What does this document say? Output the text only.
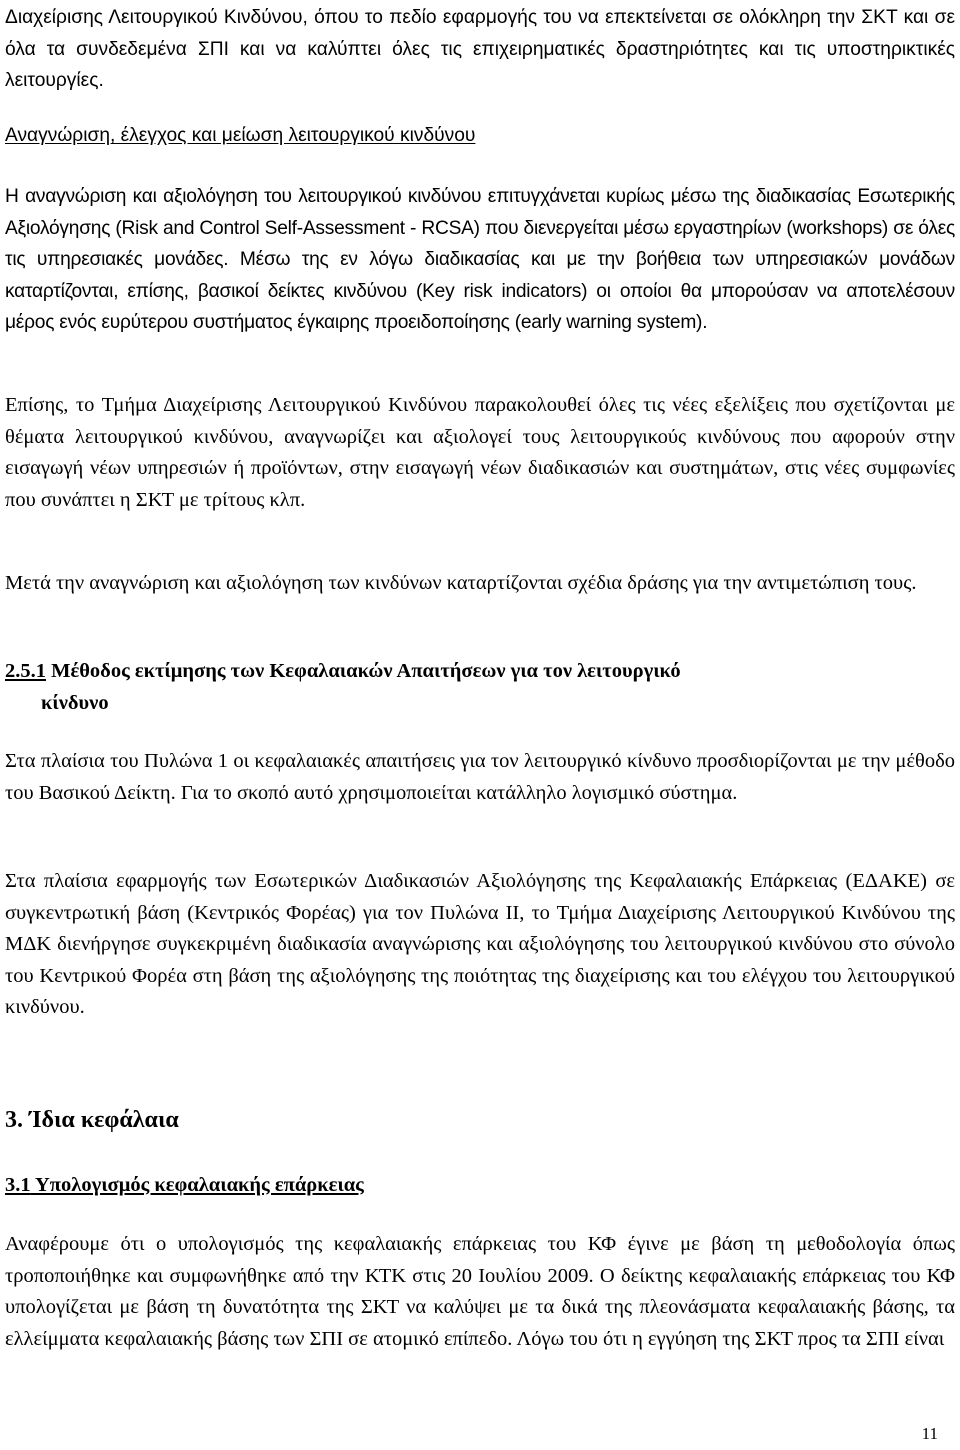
Διαχείρισης Λειτουργικού Κινδύνου, όπου το πεδίο εφαρμογής του να επεκτείνεται σε ολόκληρη την ΣΚΤ και σε όλα τα συνδεδεμένα ΣΠΙ και να καλύπτει όλες τις επιχειρηματικές δραστηριότητες και τις υποστηρικτικές λειτουργίες.

Αναγνώριση, έλεγχος και μείωση λειτουργικού κινδύνου

Η αναγνώριση και αξιολόγηση του λειτουργικού κινδύνου επιτυγχάνεται κυρίως μέσω της διαδικασίας Εσωτερικής Αξιολόγησης (Risk and Control Self-Assessment - RCSA) που διενεργείται μέσω εργαστηρίων (workshops) σε όλες τις υπηρεσιακές μονάδες. Μέσω της εν λόγω διαδικασίας και με την βοήθεια των υπηρεσιακών μονάδων καταρτίζονται, επίσης, βασικοί δείκτες κινδύνου (Key risk indicators) οι οποίοι θα μπορούσαν να αποτελέσουν μέρος ενός ευρύτερου συστήματος έγκαιρης προειδοποίησης (early warning system).

Επίσης, το Τμήμα Διαχείρισης Λειτουργικού Κινδύνου παρακολουθεί όλες τις νέες εξελίξεις που σχετίζονται με θέματα λειτουργικού κινδύνου, αναγνωρίζει και αξιολογεί τους λειτουργικούς κινδύνους που αφορούν στην εισαγωγή νέων υπηρεσιών ή προϊόντων, στην εισαγωγή νέων διαδικασιών και συστημάτων, στις νέες συμφωνίες που συνάπτει η ΣΚΤ με τρίτους κλπ.

Μετά την αναγνώριση και αξιολόγηση των κινδύνων καταρτίζονται σχέδια δράσης για την αντιμετώπιση τους.

2.5.1 Μέθοδος εκτίμησης των Κεφαλαιακών Απαιτήσεων για τον λειτουργικό
κίνδυνο

Στα πλαίσια του Πυλώνα 1 οι κεφαλαιακές απαιτήσεις για τον λειτουργικό κίνδυνο προσδιορίζονται με την μέθοδο του Βασικού Δείκτη. Για το σκοπό αυτό χρησιμοποιείται κατάλληλο λογισμικό σύστημα.

Στα πλαίσια εφαρμογής των Εσωτερικών Διαδικασιών Αξιολόγησης της Κεφαλαιακής Επάρκειας (ΕΔΑΚΕ) σε συγκεντρωτική βάση (Κεντρικός Φορέας) για τον Πυλώνα ΙΙ, το Τμήμα Διαχείρισης Λειτουργικού Κινδύνου της ΜΔΚ διενήργησε συγκεκριμένη διαδικασία αναγνώρισης και αξιολόγησης του λειτουργικού κινδύνου στο σύνολο του Κεντρικού Φορέα στη βάση της αξιολόγησης της ποιότητας της διαχείρισης και του ελέγχου του λειτουργικού κινδύνου.

3. Ίδια κεφάλαια
3.1 Υπολογισμός κεφαλαιακής επάρκειας

Αναφέρουμε ότι ο υπολογισμός της κεφαλαιακής επάρκειας του ΚΦ έγινε με βάση τη μεθοδολογία όπως τροποποιήθηκε και συμφωνήθηκε από την ΚΤΚ στις 20 Ιουλίου 2009. Ο δείκτης κεφαλαιακής επάρκειας του ΚΦ υπολογίζεται με βάση τη δυνατότητα της ΣΚΤ να καλύψει με τα δικά της πλεονάσματα κεφαλαιακής βάσης, τα ελλείμματα κεφαλαιακής βάσης των ΣΠΙ σε ατομικό επίπεδο. Λόγω του ότι η εγγύηση της ΣΚΤ προς τα ΣΠΙ είναι

11
